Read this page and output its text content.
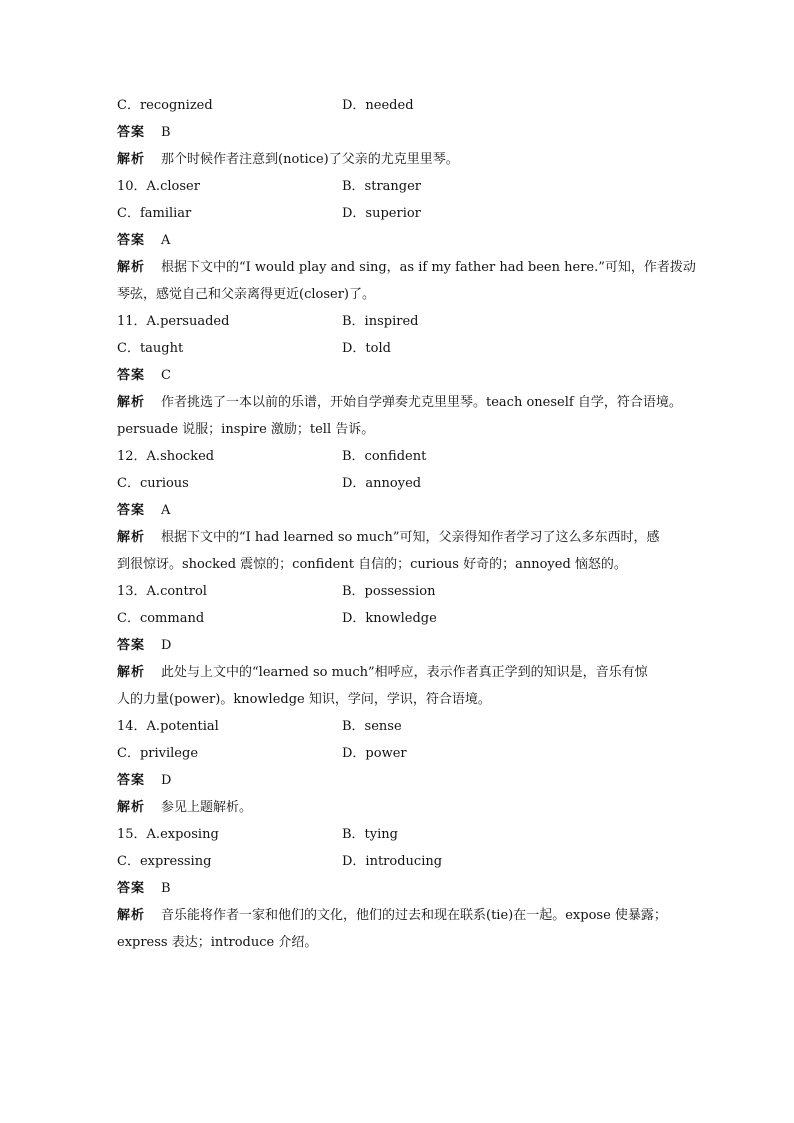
C．recognized	D．needed
答案 B
解析 那个时候作者注意到(notice)了父亲的尤克里里琴。
10．A.closer	B．stranger
C．familiar	D．superior
答案 A
解析 根据下文中的“I would play and sing，as if my father had been here.”可知，作者拨动
琴弦，感觉自己和父亲离得更近(closer)了。
11．A.persuaded	B．inspired
C．taught	D．told
答案 C
解析 作者挑选了一本以前的乐谱，开始自学弹奏尤克里里琴。teach oneself 自学，符合语境。
persuade 说服；inspire 激励；tell 告诉。
12．A.shocked	B．confident
C．curious	D．annoyed
答案 A
解析 根据下文中的“I had learned so much”可知，父亲得知作者学习了这么多东西时，感
到很惊讶。shocked 震惊的；confident 自信的；curious 好奇的；annoyed 恼怒的。
13．A.control	B．possession
C．command	D．knowledge
答案 D
解析 此处与上文中的“learned so much”相呼应，表示作者真正学到的知识是，音乐有惊
人的力量(power)。knowledge 知识，学问，学识，符合语境。
14．A.potential	B．sense
C．privilege	D．power
答案 D
解析 参见上题解析。
15．A.exposing	B．tying
C．expressing	D．introducing
答案 B
解析 音乐能将作者一家和他们的文化，他们的过去和现在联系(tie)在一起。expose 使暴露；
express 表达；introduce 介绍。
